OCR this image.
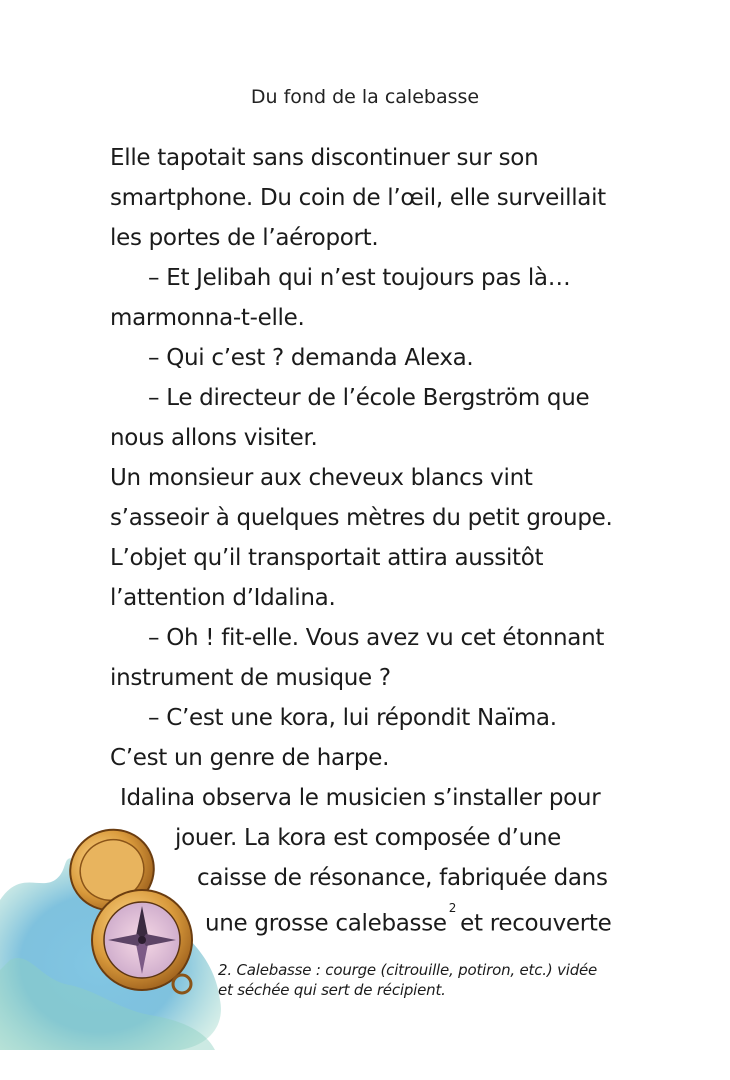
Du fond de la calebasse
Elle tapotait sans discontinuer sur son
smartphone. Du coin de l’œil, elle surveillait
les portes de l’aéroport.
– Et Jelibah qui n’est toujours pas là…
marmonna-t-elle.
– Qui c’est ? demanda Alexa.
– Le directeur de l’école Bergström que
nous allons visiter.
Un monsieur aux cheveux blancs vint
s’asseoir à quelques mètres du petit groupe.
L’objet qu’il transportait attira aussitôt
l’attention d’Idalina.
– Oh ! fit-elle. Vous avez vu cet étonnant
instrument de musique ?
– C’est une kora, lui répondit Naïma.
C’est un genre de harpe.
Idalina observa le musicien s’installer pour
jouer. La kora est composée d’une
caisse de résonance, fabriquée dans
une grosse calebasse$^2$et recouverte
2. Calebasse : courge (citrouille, potiron, etc.) vidée
et séchée qui sert de récipient.
